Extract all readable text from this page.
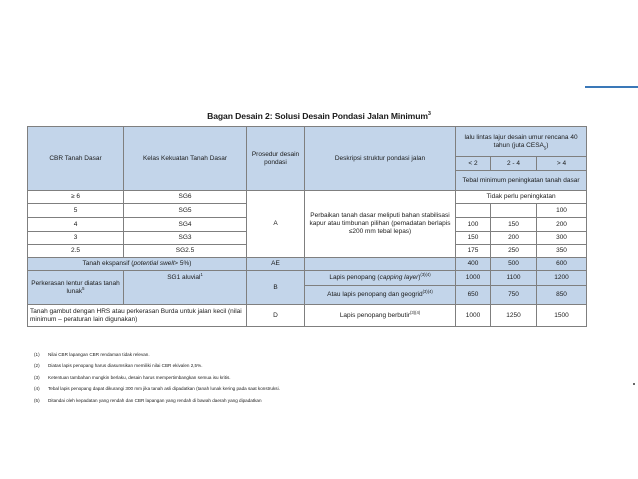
Bagan Desain 2: Solusi Desain Pondasi Jalan Minimum$^3$
CBR Tanah Dasar	Kelas Kekuatan Tanah Dasar	Prosedur desain pondasi	Deskripsi struktur pondasi jalan	lalu lintas lajur desain umur rencana 40 tahun (juta $CESA_5$)		
				< 2	2 - 4	> 4
				Tebal minimum peningkatan tanah dasar		
≥ 6	SG6	A	Perbaikan tanah dasar meliputi bahan stabilisasi kapur atau timbunan pilihan (pemadatan berlapis ≤200 mm tebal lepas)	Tidak perlu peningkatan		
5	SG5					100
4	SG4			100	150	200
3	SG3			150	200	300
2.5	SG2.5			175	250	350
Tanah ekspansif (potential swell> 5%)		AE		400	500	600
Perkerasan lentur diatas tanah lunak$^5$	SG1 aluvial$^1$	B	Lapis penopang (capping layer)$^{(3)(4)}$	1000	1100	1200
			Atau lapis penopang dan geogrid$^{(3)(4)}$	650	750	850
Tanah gambut dengan HRS atau perkerasan Burda untuk jalan kecil (nilai minimum – peraturan lain digunakan)		D	Lapis penopang berbutir$^{(3)(4)}$	1000	1250	1500
(1) Nilai CBR lapangan CBR rendaman tidak relevan.
(2) Diatas lapis penopang harus diasumsikan memiliki nilai CBR ekivalen 2,5%.
(3) Ketentuan tambahan mungkin berlaku, desain harus mempertimbangkan semua isu kritis.
(4) Tebal lapis penopang dapat dikurangi 300 mm jika tanah asli dipadatkan (tanah lunak kering pada saat konstruksi.
(5) Ditandai oleh kepadatan yang rendah dan CBR lapangan yang rendah di bawah daerah yang dipadatkan
